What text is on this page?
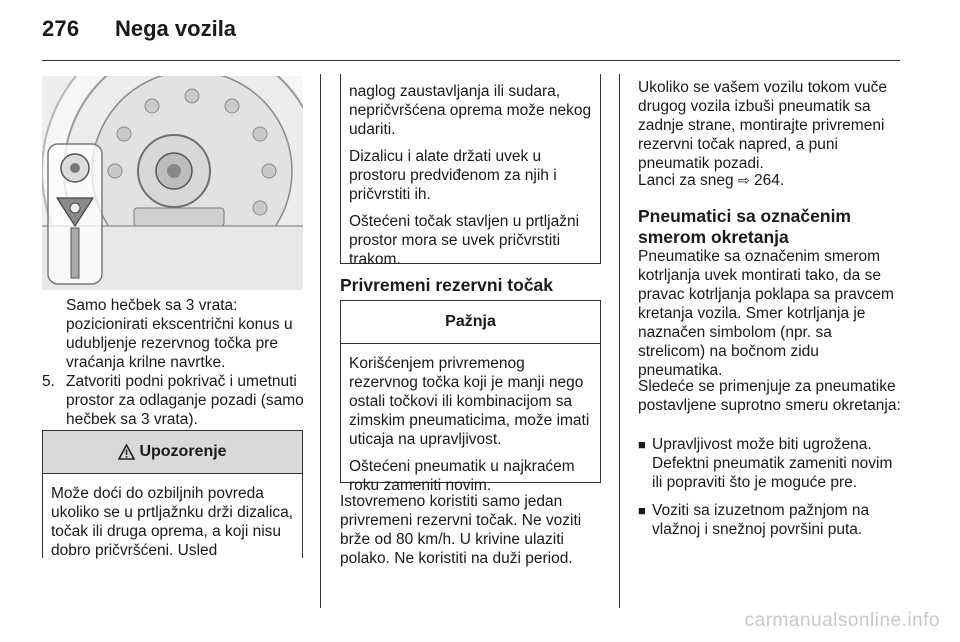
276 Nega vozila

Samo hečbek sa 3 vrata: pozicionirati ekscentrični konus u udubljenje rezervnog točka pre vraćanja krilne navrtke.

5. Zatvoriti podni pokrivač i umetnuti prostor za odlaganje pozadi (samo hečbek sa 3 vrata).

Upozorenje

Može doći do ozbiljnih povreda ukoliko se u prtljažnku drži dizalica, točak ili druga oprema, a koji nisu dobro pričvršćeni. Usled

naglog zaustavljanja ili sudara, nepričvršćena oprema može nekog udariti.

Dizalicu i alate držati uvek u prostoru predviđenom za njih i pričvrstiti ih.

Oštećeni točak stavljen u prtljažni prostor mora se uvek pričvrstiti trakom.

Privremeni rezervni točak
Pažnja

Korišćenjem privremenog rezervnog točka koji je manji nego ostali točkovi ili kombinacijom sa zimskim pneumaticima, može imati uticaja na upravljivost.

Oštećeni pneumatik u najkraćem roku zameniti novim.

Istovremeno koristiti samo jedan privremeni rezervni točak. Ne voziti brže od 80 km/h. U krivine ulaziti polako. Ne koristiti na duži period.

Ukoliko se vašem vozilu tokom vuče drugog vozila izbuši pneumatik sa zadnje strane, montirajte privremeni rezervni točak napred, a puni pneumatik pozadi.

Lanci za sneg ⇨ 264.

Pneumatici sa označenim
smerom okretanja

Pneumatike sa označenim smerom kotrljanja uvek montirati tako, da se pravac kotrljanja poklapa sa pravcem kretanja vozila. Smer kotrljanja je naznačen simbolom (npr. sa strelicom) na bočnom zidu pneumatika.

Sledeće se primenjuje za pneumatike postavljene suprotno smeru okretanja:

■ Upravljivost može biti ugrožena. Defektni pneumatik zameniti novim ili popraviti što je moguće pre.

■ Voziti sa izuzetnom pažnjom na vlažnoj i snežnoj površini puta.

carmanualsonline.info
